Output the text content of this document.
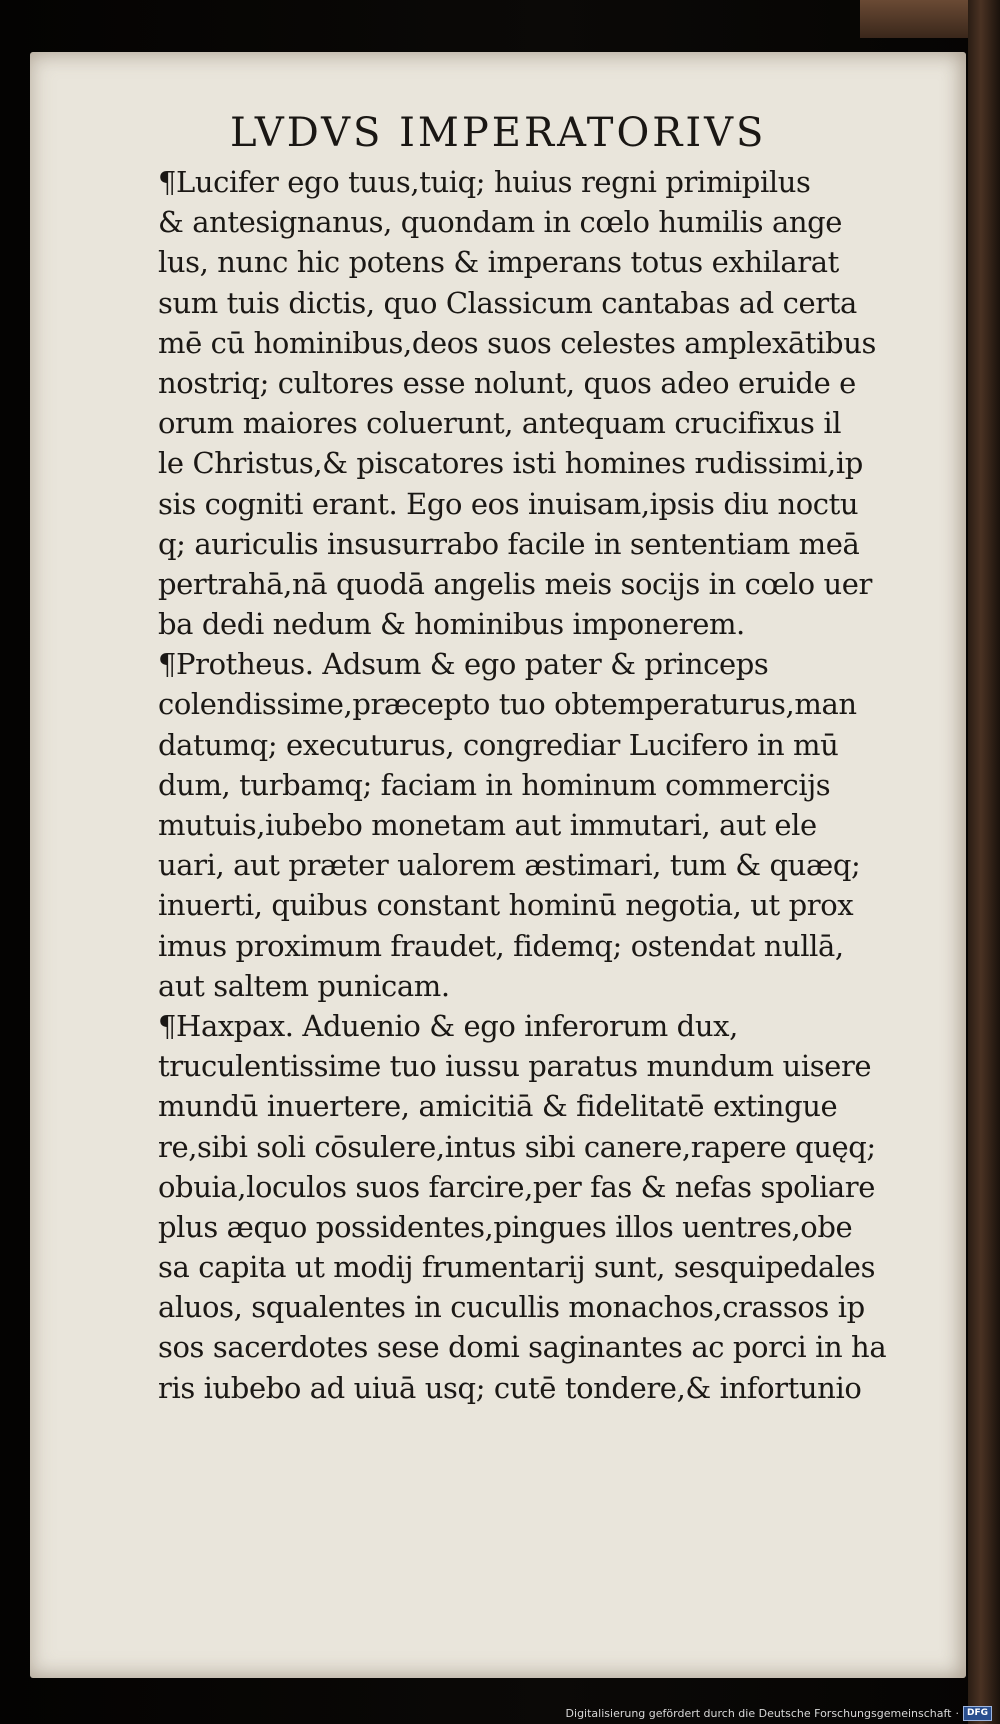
LVDVS IMPERATORIVS
¶Lucifer ego tuus,tuiq; huius regni primipilus
& antesignanus, quondam in cœlo humilis ange
lus, nunc hic potens & imperans totus exhilarat
sum tuis dictis, quo Classicum cantabas ad certa
mē cū hominibus,deos suos celestes amplexātibus
nostriq; cultores esse nolunt, quos adeo eruide e
orum maiores coluerunt, antequam crucifixus il
le Christus,& piscatores isti homines rudissimi,ip
sis cogniti erant. Ego eos inuisam,ipsis diu noctu
q; auriculis insusurrabo facile in sententiam meā
pertrahā,nā quodā angelis meis socijs in cœlo uer
ba dedi nedum & hominibus imponerem.
¶Protheus. Adsum & ego pater & princeps
colendissime,præcepto tuo obtemperaturus,man
datumq; executurus, congrediar Lucifero in mū
dum, turbamq; faciam in hominum commercijs
mutuis,iubebo monetam aut immutari, aut ele
uari, aut præter ualorem æstimari, tum & quæq;
inuerti, quibus constant hominū negotia, ut prox
imus proximum fraudet, fidemq; ostendat nullā,
aut saltem punicam.
¶Haxpax. Aduenio & ego inferorum dux,
truculentissime tuo iussu paratus mundum uisere
mundū inuertere, amicitiā & fidelitatē extingue
re,sibi soli cōsulere,intus sibi canere,rapere quęq;
obuia,loculos suos farcire,per fas & nefas spoliare
plus æquo possidentes,pingues illos uentres,obe
sa capita ut modij frumentarij sunt, sesquipedales
aluos, squalentes in cucullis monachos,crassos ip
sos sacerdotes sese domi saginantes ac porci in ha
ris iubebo ad uiuā usq; cutē tondere,& infortunio
Digitalisierung gefördert durch die Deutsche Forschungsgemeinschaft · DFG
